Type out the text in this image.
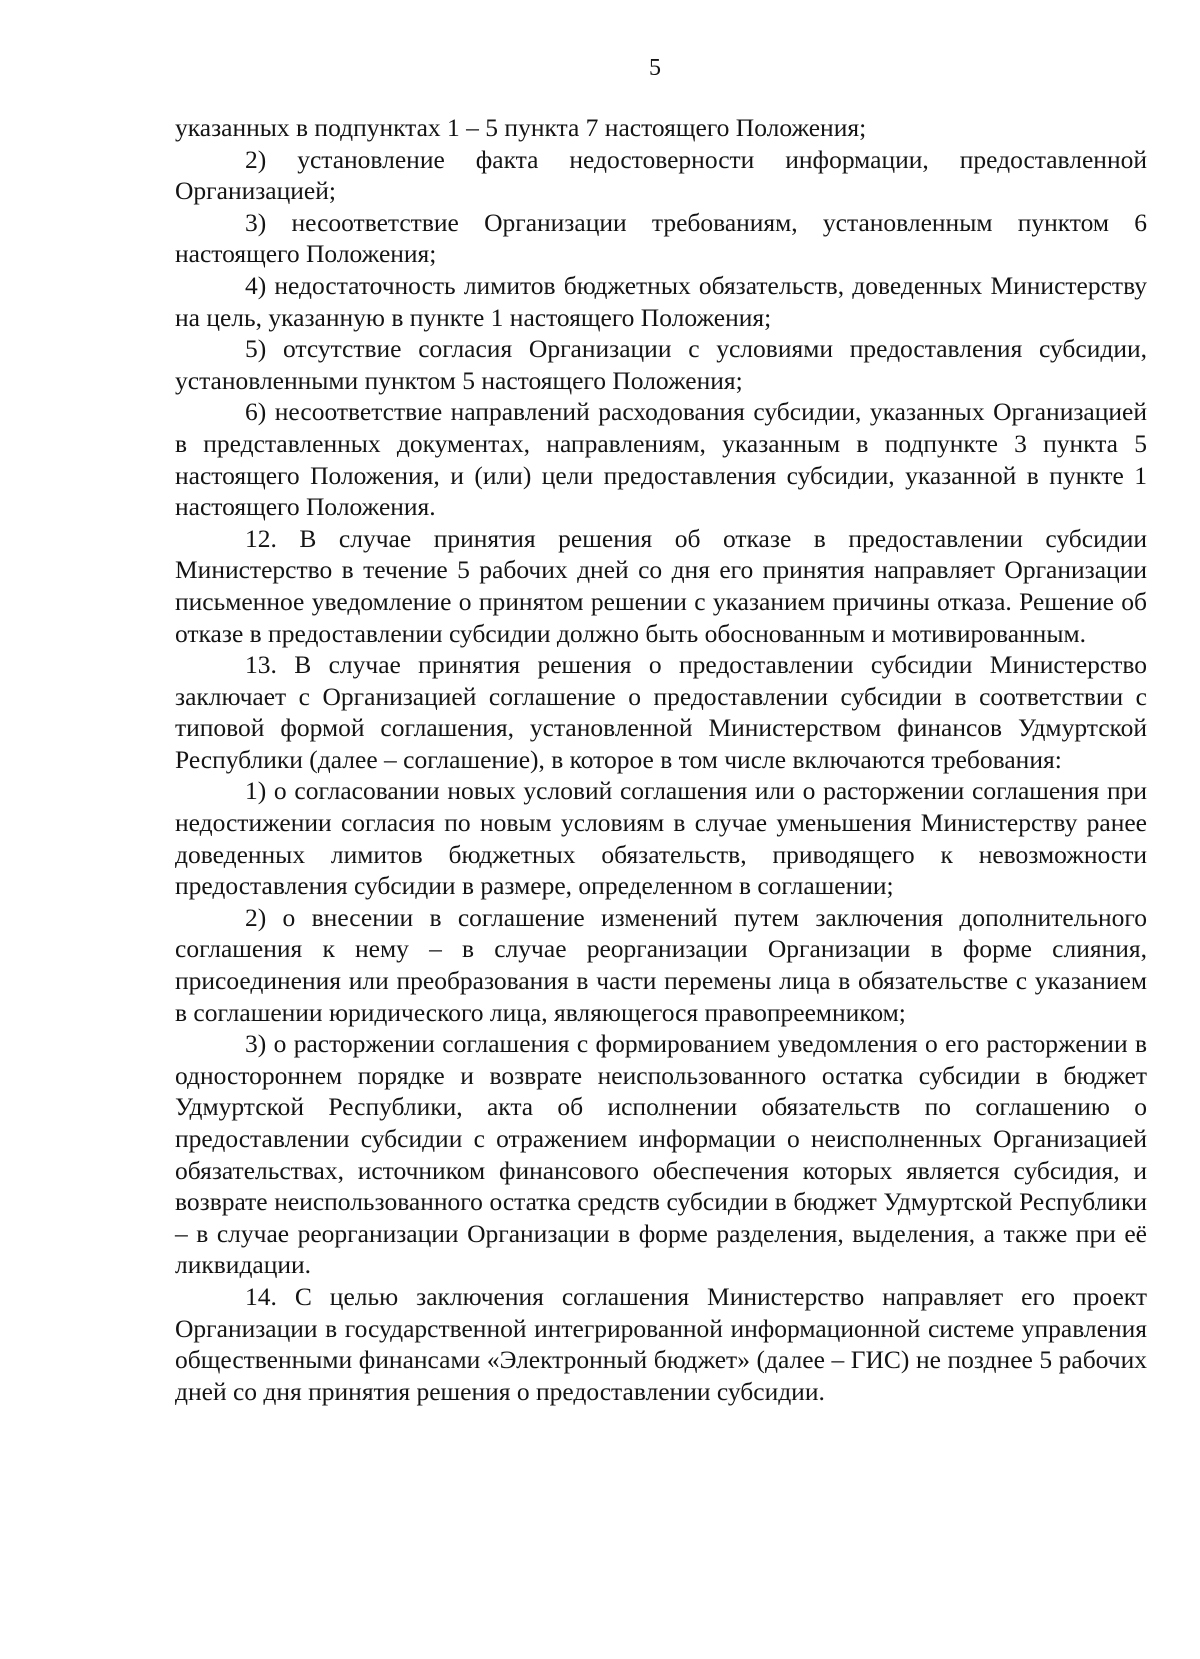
5

указанных в подпунктах 1 – 5 пункта 7 настоящего Положения;

2) установление факта недостоверности информации, предоставленной Организацией;

3) несоответствие Организации требованиям, установленным пунктом 6 настоящего Положения;

4) недостаточность лимитов бюджетных обязательств, доведенных Министерству на цель, указанную в пункте 1 настоящего Положения;

5) отсутствие согласия Организации с условиями предоставления субсидии, установленными пунктом 5 настоящего Положения;

6) несоответствие направлений расходования субсидии, указанных Организацией в представленных документах, направлениям, указанным в подпункте 3 пункта 5 настоящего Положения, и (или) цели предоставления субсидии, указанной в пункте 1 настоящего Положения.

12. В случае принятия решения об отказе в предоставлении субсидии Министерство в течение 5 рабочих дней со дня его принятия направляет Организации письменное уведомление о принятом решении с указанием причины отказа. Решение об отказе в предоставлении субсидии должно быть обоснованным и мотивированным.

13. В случае принятия решения о предоставлении субсидии Министерство заключает с Организацией соглашение о предоставлении субсидии в соответствии с типовой формой соглашения, установленной Министерством финансов Удмуртской Республики (далее – соглашение), в которое в том числе включаются требования:

1) о согласовании новых условий соглашения или о расторжении соглашения при недостижении согласия по новым условиям в случае уменьшения Министерству ранее доведенных лимитов бюджетных обязательств, приводящего к невозможности предоставления субсидии в размере, определенном в соглашении;

2) о внесении в соглашение изменений путем заключения дополнительного соглашения к нему – в случае реорганизации Организации в форме слияния, присоединения или преобразования в части перемены лица в обязательстве с указанием в соглашении юридического лица, являющегося правопреемником;

3) о расторжении соглашения с формированием уведомления о его расторжении в одностороннем порядке и возврате неиспользованного остатка субсидии в бюджет Удмуртской Республики, акта об исполнении обязательств по соглашению о предоставлении субсидии с отражением информации о неисполненных Организацией обязательствах, источником финансового обеспечения которых является субсидия, и возврате неиспользованного остатка средств субсидии в бюджет Удмуртской Республики – в случае реорганизации Организации в форме разделения, выделения, а также при её ликвидации.

14. С целью заключения соглашения Министерство направляет его проект Организации в государственной интегрированной информационной системе управления общественными финансами «Электронный бюджет» (далее – ГИС) не позднее 5 рабочих дней со дня принятия решения о предоставлении субсидии.
